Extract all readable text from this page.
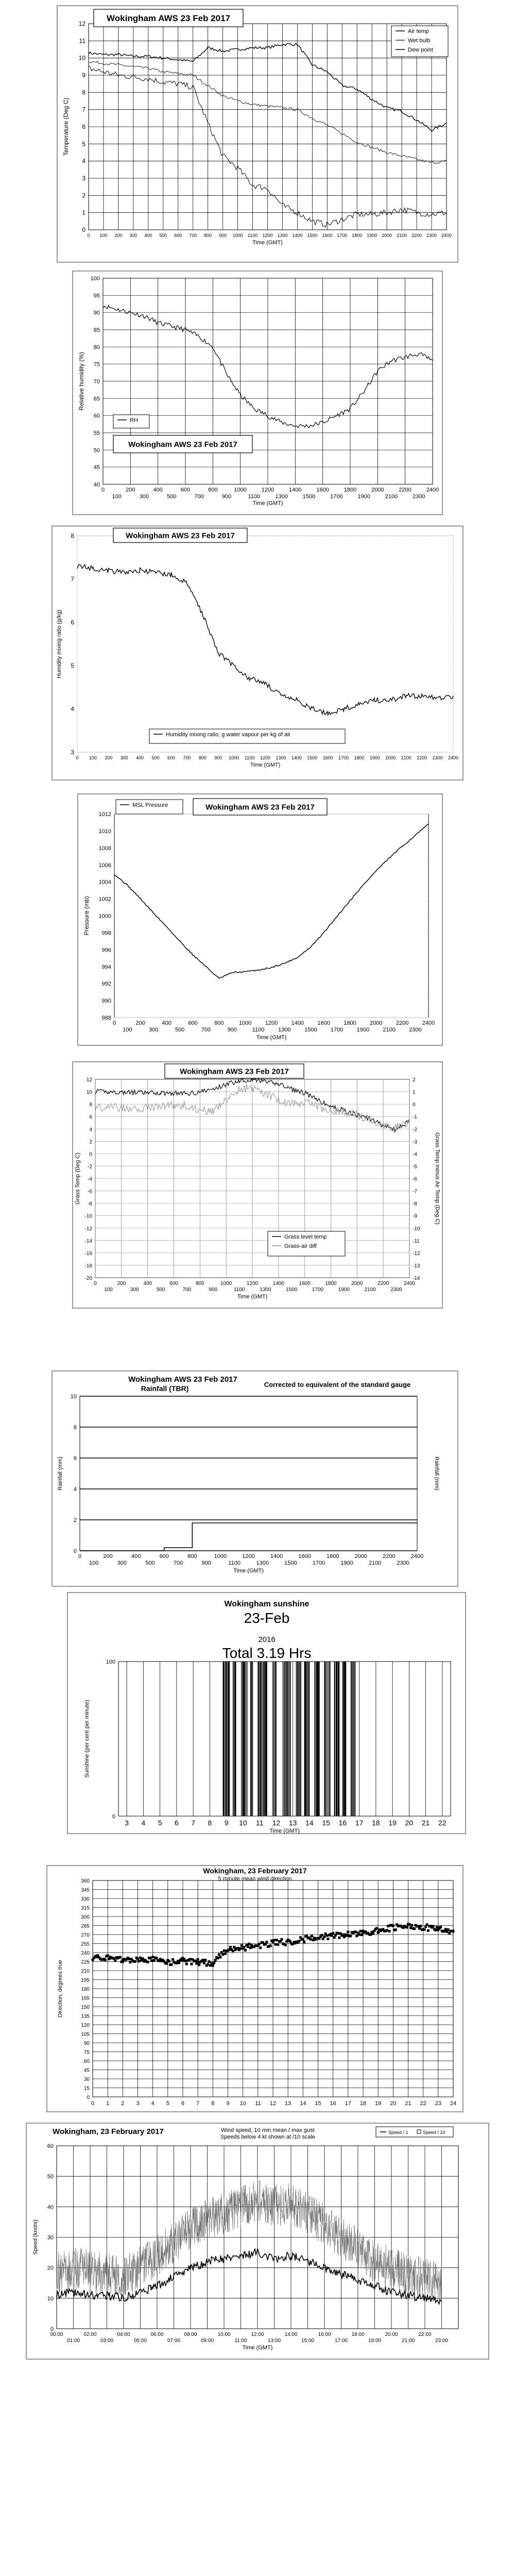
0
1
2
3
4
5
6
7
8
9
10
11
12
0 100 200 300 400 500 600 700 800 900 1000 1100 1200 1300 1400 1500 1600 1700 1800 1900 2000 2100 2200 2300 2400
Time (GMT)
Temperature (Deg C)
Wokingham AWS 23 Feb 2017
Air temp
Wet bulb
Dew point
40
45
50
55
60
65
70
75
80
85
90
95
100
0	200	400	600	800	1000	1200	1400	1600	1800	2000	2200	2400
100	300	500	700	900	1100	1300	1500	1700	1900	2100	2300
Time (GMT)
Relative humidity (%)
RH
Wokingham AWS 23 Feb 2017
3
4
5
6
7
8
0 100 200 300 400 500 600 700 800 900 1000 1100 1200 1300 1400 1500 1600 1700 1800 1900 2000 2100 2200 2300 2400
Time (GMT)
Humidity mixing ratio (g/kg)
Wokingham AWS 23 Feb 2017
Humidity mixing ratio, g water vapour per kg of air
988
990
992
994
996
998
1000
1002
1004
1006
1008
1010
1012
0	200	400	600	800	1000 1200 1400 1600 1800 2000 2200 2400
100	300	500	700	900	1100 1300 1500 1700 1900 2100 2300
Time (GMT)
Pressure (mb)
MSL Pressure	Wokingham AWS 23 Feb 2017
-20
-18
-16
-14
-12
-10
-8
-6
-4
-2
0
2
4
6
8
10
12
-14
-13
-12
-11
-10
-9
-8
-7
-6
-5
-4
-3
-2
-1
0
1
2
0	200	400	600	800	1000	1200	1400	1600	1800	2000	2200	2400
100	300	500	700	900	1100	1300	1500	1700	1900	2100	2300
Time (GMT)
Grass Temp (Deg C)	Grass Temp minus Air Temp (Deg C)
Wokingham AWS 23 Feb 2017
Grass level temp
Grass-air diff
0
2
4
6
8
10
0	200	400	600	800	1000	1200	1400	1600	1800	2000	2200	2400
100	300	500	700	900	1100	1300	1500	1700	1900	2100	2300
Time (GMT)
Rainfall (mm)	Rainfall (mm)
Wokingham AWS 23 Feb 2017
Rainfall (TBR)	Corrected to equivalent of the standard gauge
0
100
3 4 5 6 7 8 9 10 11 12 13 14 15 16 17 18 19 20 21 22
Time (GMT)
Sunshine (per cent per minute)
Wokingham sunshine
23-Feb
2016
Total 3.19 Hrs
0
15
30
45
60
75
90
105
120
135
150
165
180
195
210
225
240
255
270
285
300
315
330
345
360
0 1 2 3 4 5 6 7 8 9 10 11 12 13 14 15 16 17 18 19 20 21 22 23 24
Direction, degrees true
Wokingham, 23 February 2017
5 minute mean wind direction
0
10
20
30
40
50
60
00:00	02:00	04:00	06:00	08:00	10:00	12:00	14:00	16:00	18:00	20:00	22:00
01:00	03:00	05:00	07:00	09:00	11:00	13:00	15:00	17:00	19:00	21:00	23:00
Time (GMT)
Speed (knots)
Wokingham, 23 February 2017	Wind speed, 10 min mean / max gust
Speeds below 4 kt shown at /10 scale
Speed / 1	Speed / 10
